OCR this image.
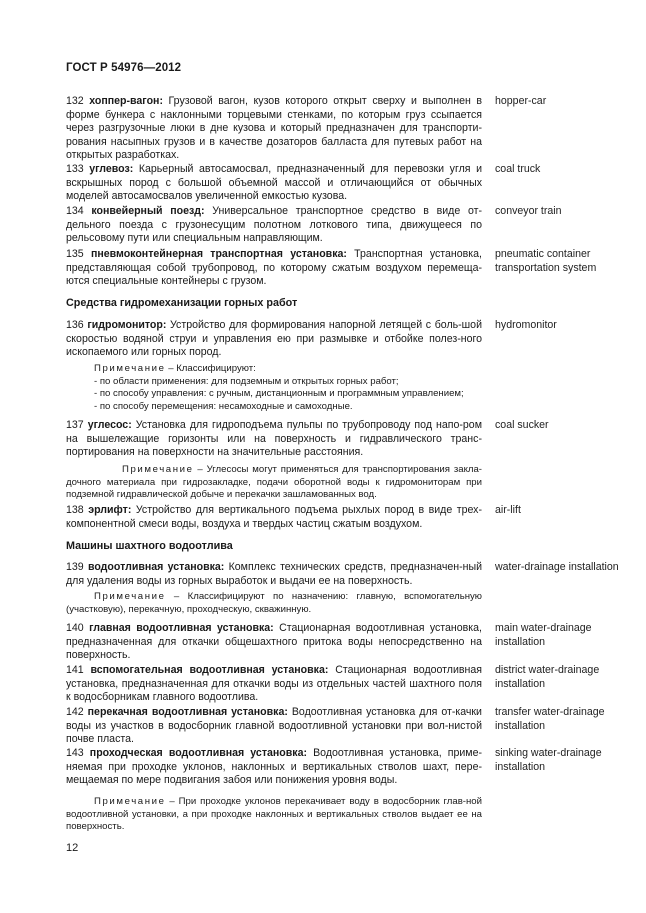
ГОСТ Р 54976—2012
132 хоппер-вагон: Грузовой вагон, кузов которого открыт сверху и выполнен в форме бункера с наклонными торцевыми стенками, по которым груз ссыпается через разгрузочные люки в дне кузова и который предназначен для транспорти-рования насыпных грузов и в качестве дозаторов балласта для путевых работ на открытых разработках.
hopper-car
133 углевоз: Карьерный автосамосвал, предназначенный для перевозки угля и вскрышных пород с большой объемной массой и отличающийся от обычных моделей автосамосвалов увеличенной емкостью кузова.
coal truck
134 конвейерный поезд: Универсальное транспортное средство в виде от-дельного поезда с грузонесущим полотном лоткового типа, движущееся по рельсовому пути или специальным направляющим.
conveyor train
135 пневмоконтейнерная транспортная установка: Транспортная установка, представляющая собой трубопровод, по которому сжатым воздухом перемеща-ются специальные контейнеры с грузом.
pneumatic container transportation system
Средства гидромеханизации горных работ
136 гидромонитор: Устройство для формирования напорной летящей с боль-шой скоростью водяной струи и управления ею при размывке и отбойке полез-ного ископаемого или горных пород.
hydromonitor
Примечание – Классифицируют:
- по области применения: для подземным и открытых горных работ;
- по способу управления: с ручным, дистанционным и программным управлением;
- по способу перемещения: несамоходные и самоходные.
137 углесос: Установка для гидроподъема пульпы по трубопроводу под напо-ром на вышележащие горизонты или на поверхность и гидравлического транс-портирования на поверхности на значительные расстояния.
coal sucker
Примечание – Углесосы могут применяться для транспортирования закла-дочного материала при гидрозакладке, подачи оборотной воды к гидромониторам при подземной гидравлической добыче и перекачки зашламованных вод.
138 эрлифт: Устройство для вертикального подъема рыхлых пород в виде трех-компонентной смеси воды, воздуха и твердых частиц сжатым воздухом.
air-lift
Машины шахтного водоотлива
139 водоотливная установка: Комплекс технических средств, предназначен-ный для удаления воды из горных выработок и выдачи ее на поверхность.
water-drainage installation
Примечание – Классифицируют по назначению: главную, вспомогательную (участковую), перекачную, проходческую, скважинную.
140 главная водоотливная установка: Стационарная водоотливная установка, предназначенная для откачки общешахтного притока воды непосредственно на поверхность.
main water-drainage installation
141 вспомогательная водоотливная установка: Стационарная водоотливная установка, предназначенная для откачки воды из отдельных частей шахтного поля к водосборникам главного водоотлива.
district water-drainage installation
142 перекачная водоотливная установка: Водоотливная установка для от-качки воды из участков в водосборник главной водоотливной установки при вол-нистой почве пласта.
transfer water-drainage installation
143 проходческая водоотливная установка: Водоотливная установка, приме-няемая при проходке уклонов, наклонных и вертикальных стволов шахт, пере-мещаемая по мере подвигания забоя или понижения уровня воды.
sinking water-drainage installation
Примечание – При проходке уклонов перекачивает воду в водосборник глав-ной водоотливной установки, а при проходке наклонных и вертикальных стволов выдает ее на поверхность.
12
